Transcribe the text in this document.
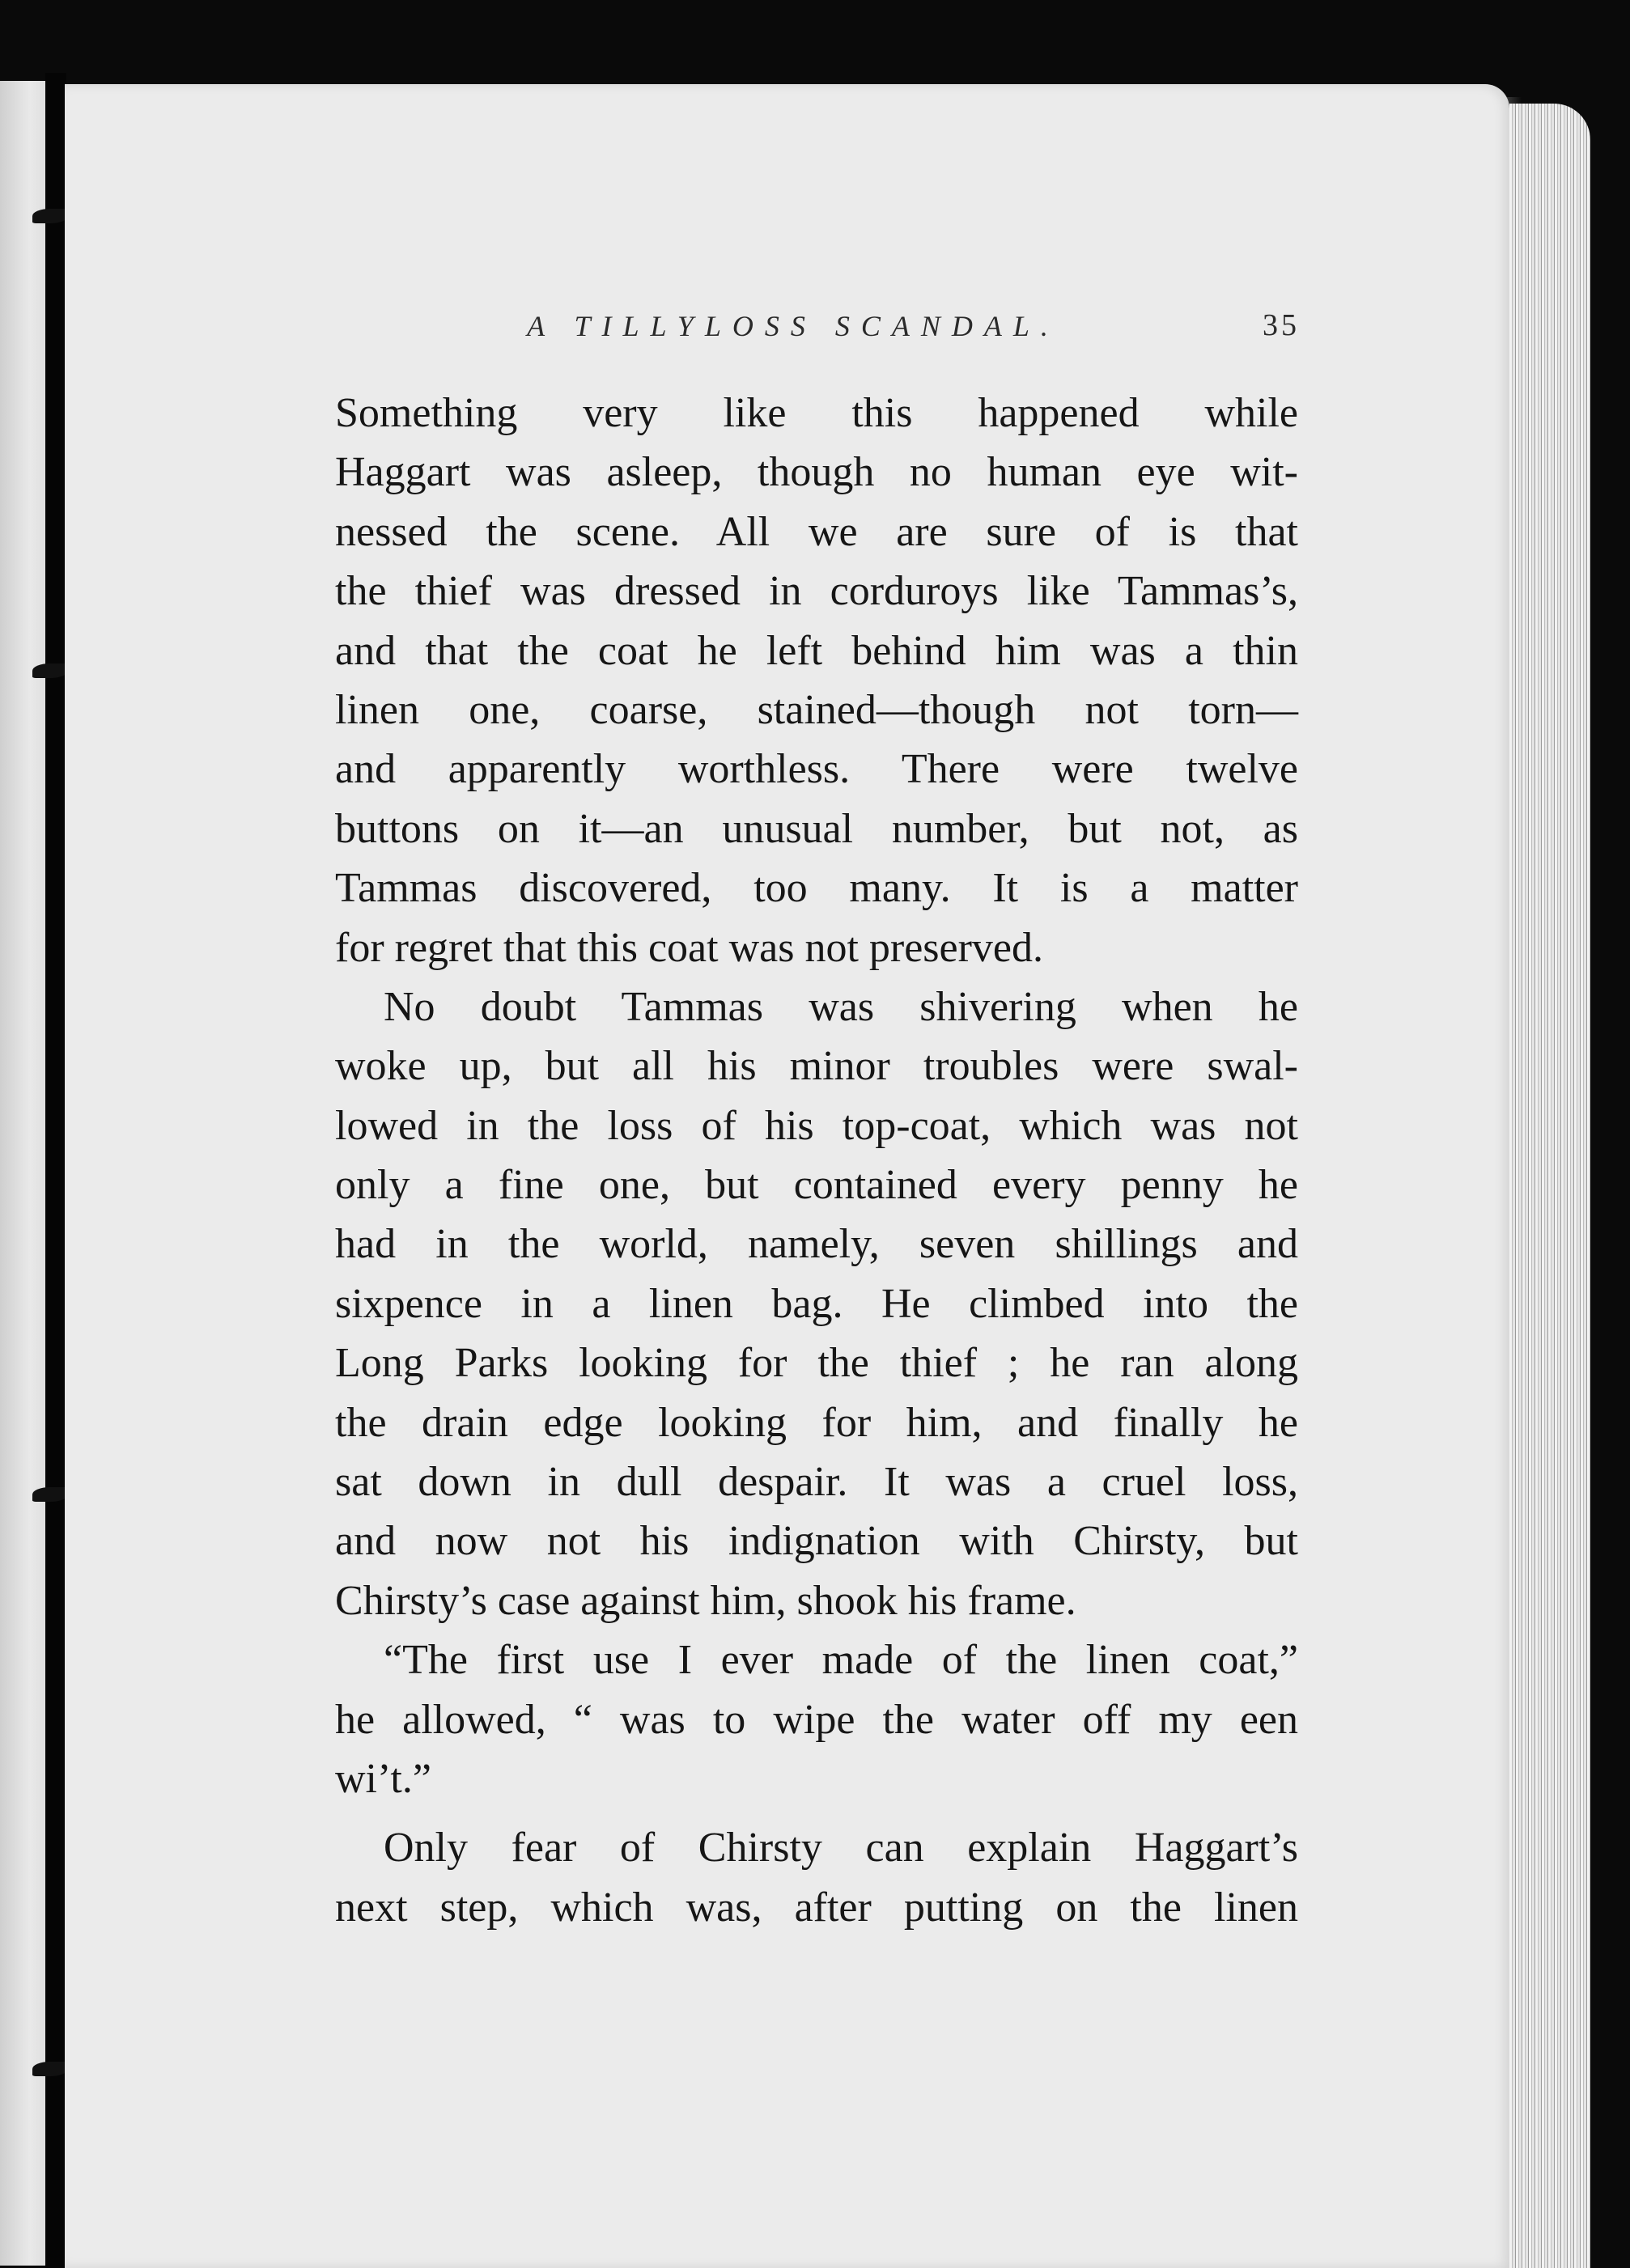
A TILLYLOSS SCANDAL.	35
Something very like this happened while
Haggart was asleep, though no human eye wit-
nessed the scene. All we are sure of is that
the thief was dressed in corduroys like Tammas’s,
and that the coat he left behind him was a thin
linen one, coarse, stained—though not torn—
and apparently worthless. There were twelve
buttons on it—an unusual number, but not, as
Tammas discovered, too many. It is a matter
for regret that this coat was not preserved.
No doubt Tammas was shivering when he
woke up, but all his minor troubles were swal-
lowed in the loss of his top-coat, which was not
only a fine one, but contained every penny he
had in the world, namely, seven shillings and
sixpence in a linen bag. He climbed into the
Long Parks looking for the thief ; he ran along
the drain edge looking for him, and finally he
sat down in dull despair. It was a cruel loss,
and now not his indignation with Chirsty, but
Chirsty’s case against him, shook his frame.
“The first use I ever made of the linen coat,”
he allowed, “ was to wipe the water off my een
wi’t.”
Only fear of Chirsty can explain Haggart’s
next step, which was, after putting on the linen
